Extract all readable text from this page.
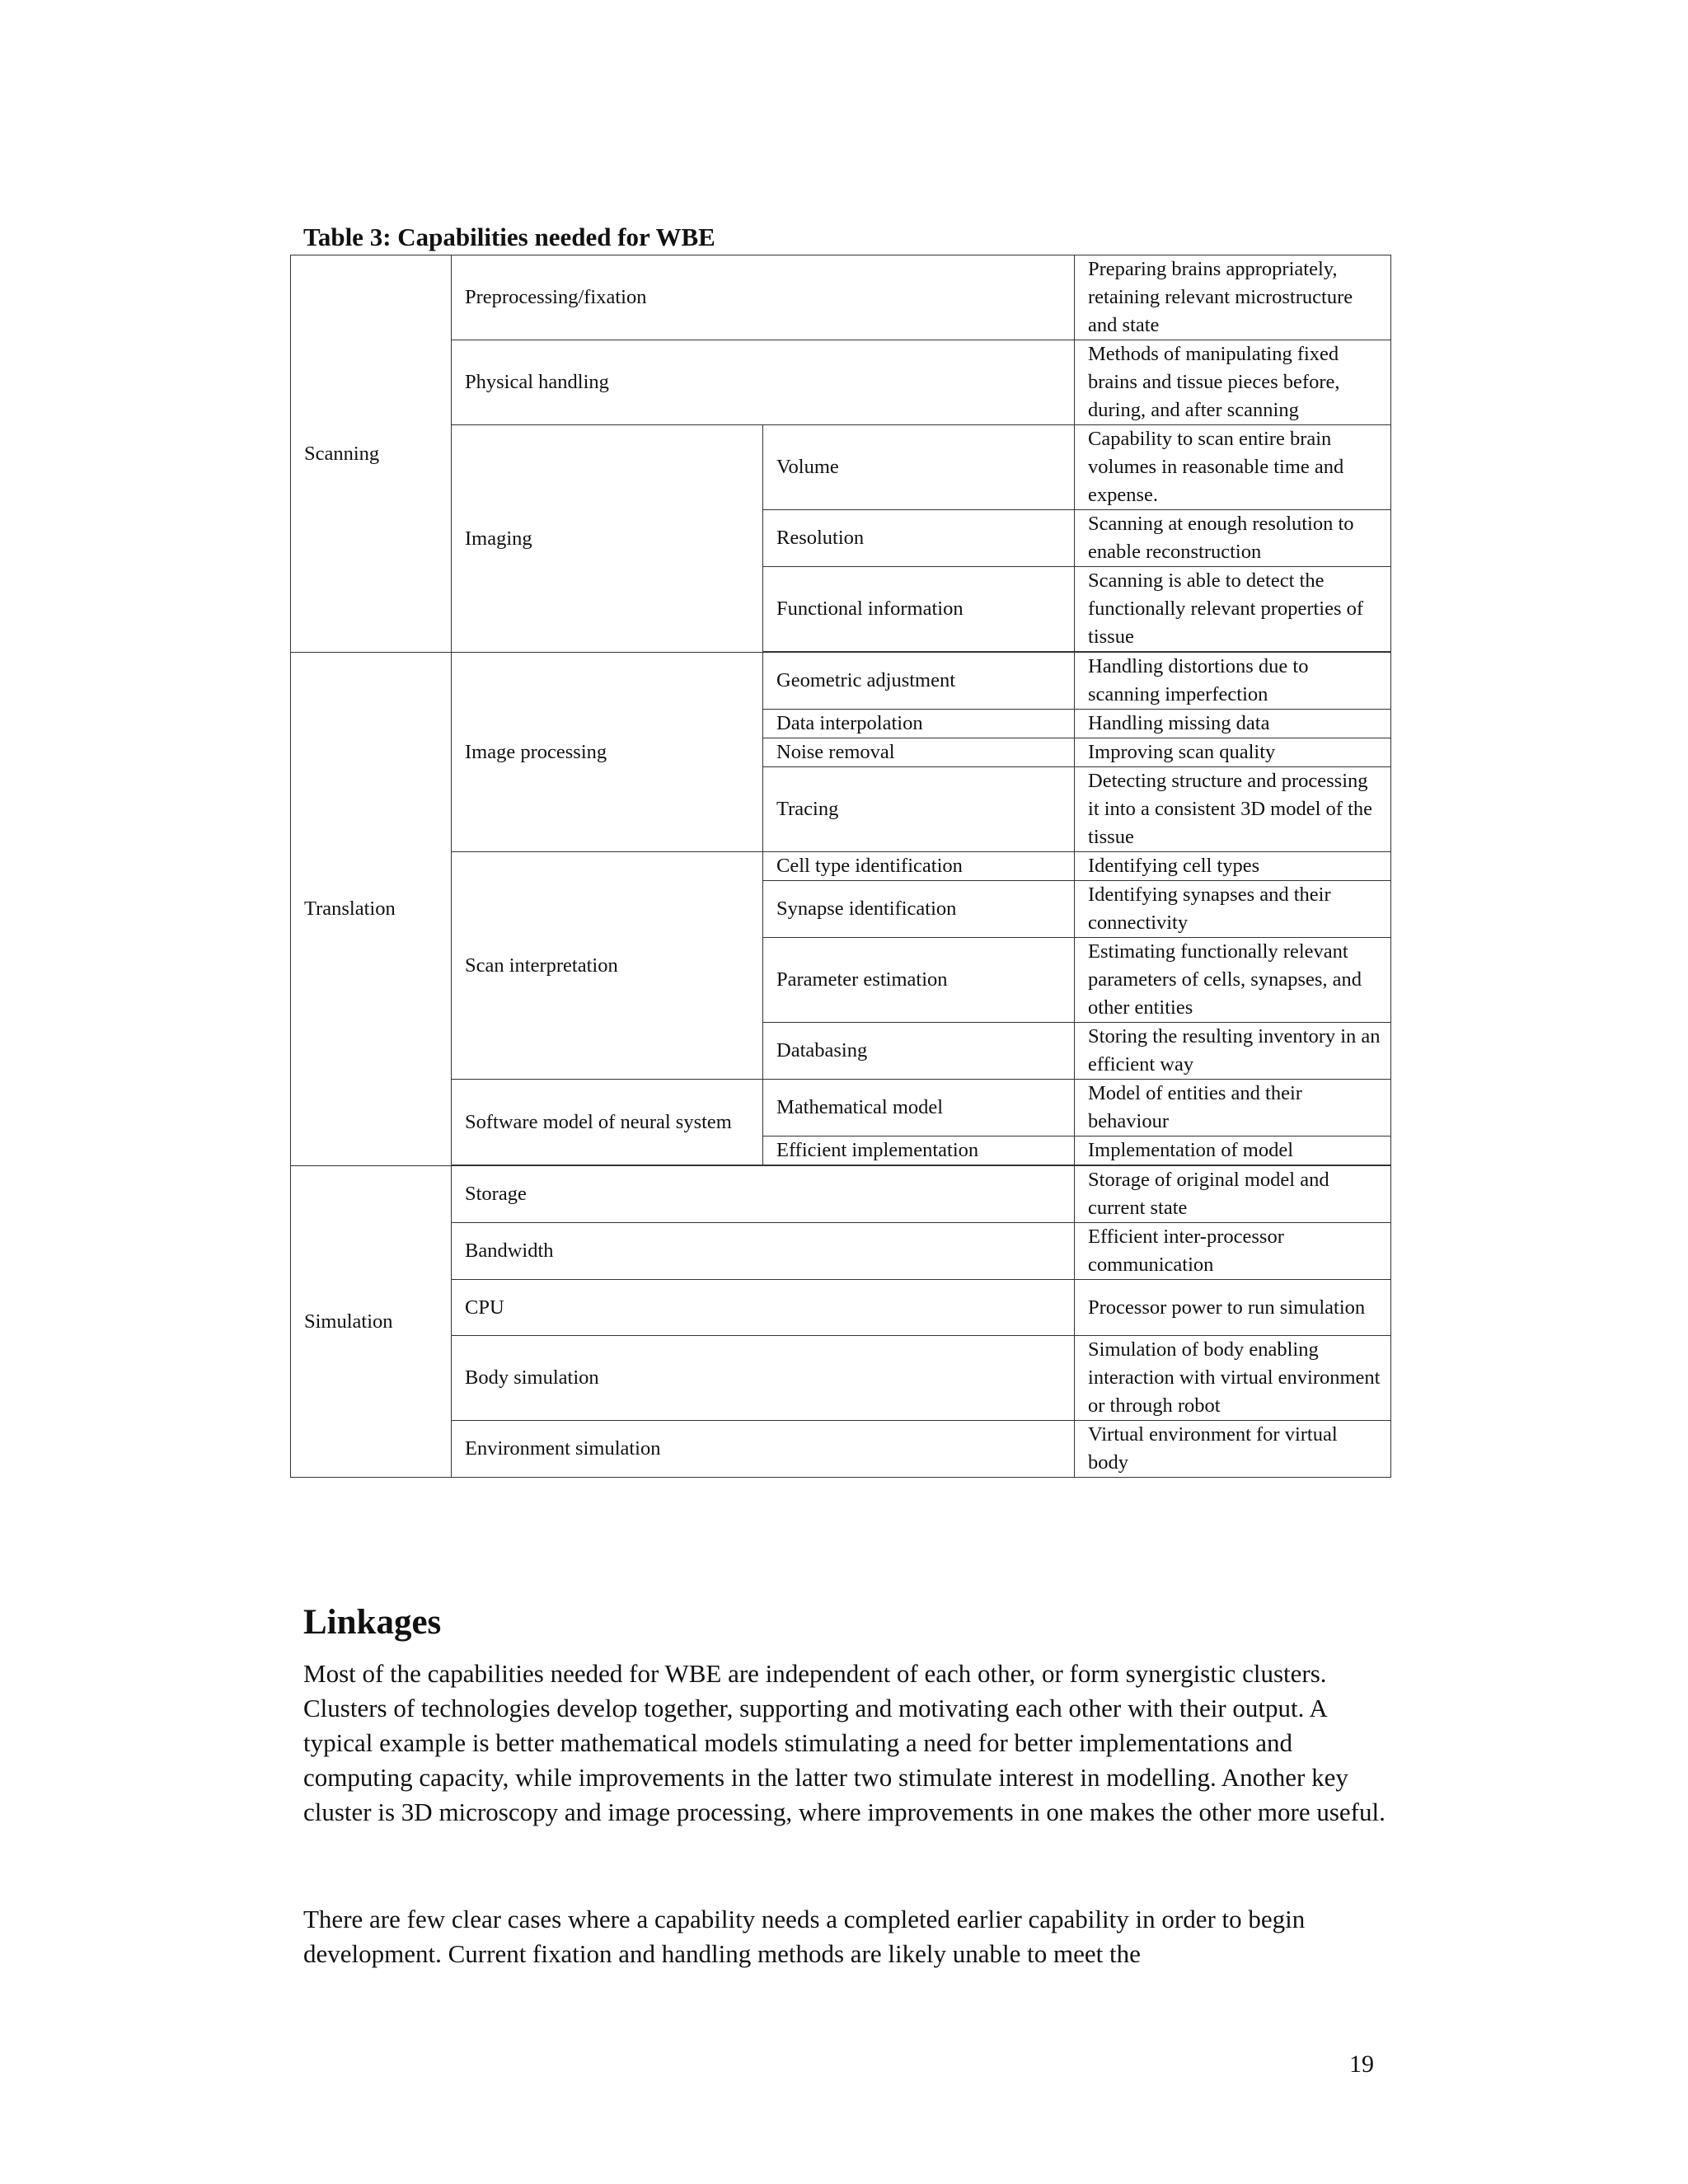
Table 3: Capabilities needed for WBE

Scanning	Preprocessing/fixation		Preparing brains appropriately, retaining relevant microstructure and state
	Physical handling		Methods of manipulating fixed brains and tissue pieces before, during, and after scanning
	Imaging	Volume	Capability to scan entire brain volumes in reasonable time and expense.
		Resolution	Scanning at enough resolution to enable reconstruction
		Functional information	Scanning is able to detect the functionally relevant properties of tissue

Translation	Image processing	Geometric adjustment	Handling distortions due to scanning imperfection
		Data interpolation	Handling missing data
		Noise removal	Improving scan quality
		Tracing	Detecting structure and processing it into a consistent 3D model of the tissue
	Scan interpretation	Cell type identification	Identifying cell types
		Synapse identification	Identifying synapses and their connectivity
		Parameter estimation	Estimating functionally relevant parameters of cells, synapses, and other entities
		Databasing	Storing the resulting inventory in an efficient way
	Software model of neural system	Mathematical model	Model of entities and their behaviour
		Efficient implementation	Implementation of model

Simulation	Storage		Storage of original model and current state
	Bandwidth		Efficient inter-processor communication
	CPU		Processor power to run simulation
	Body simulation		Simulation of body enabling interaction with virtual environment or through robot
	Environment simulation		Virtual environment for virtual body
Linkages

Most of the capabilities needed for WBE are independent of each other, or form synergistic clusters. Clusters of technologies develop together, supporting and motivating each other with their output. A typical example is better mathematical models stimulating a need for better implementations and computing capacity, while improvements in the latter two stimulate interest in modelling. Another key cluster is 3D microscopy and image processing, where improvements in one makes the other more useful.

There are few clear cases where a capability needs a completed earlier capability in order to begin development. Current fixation and handling methods are likely unable to meet the

19
